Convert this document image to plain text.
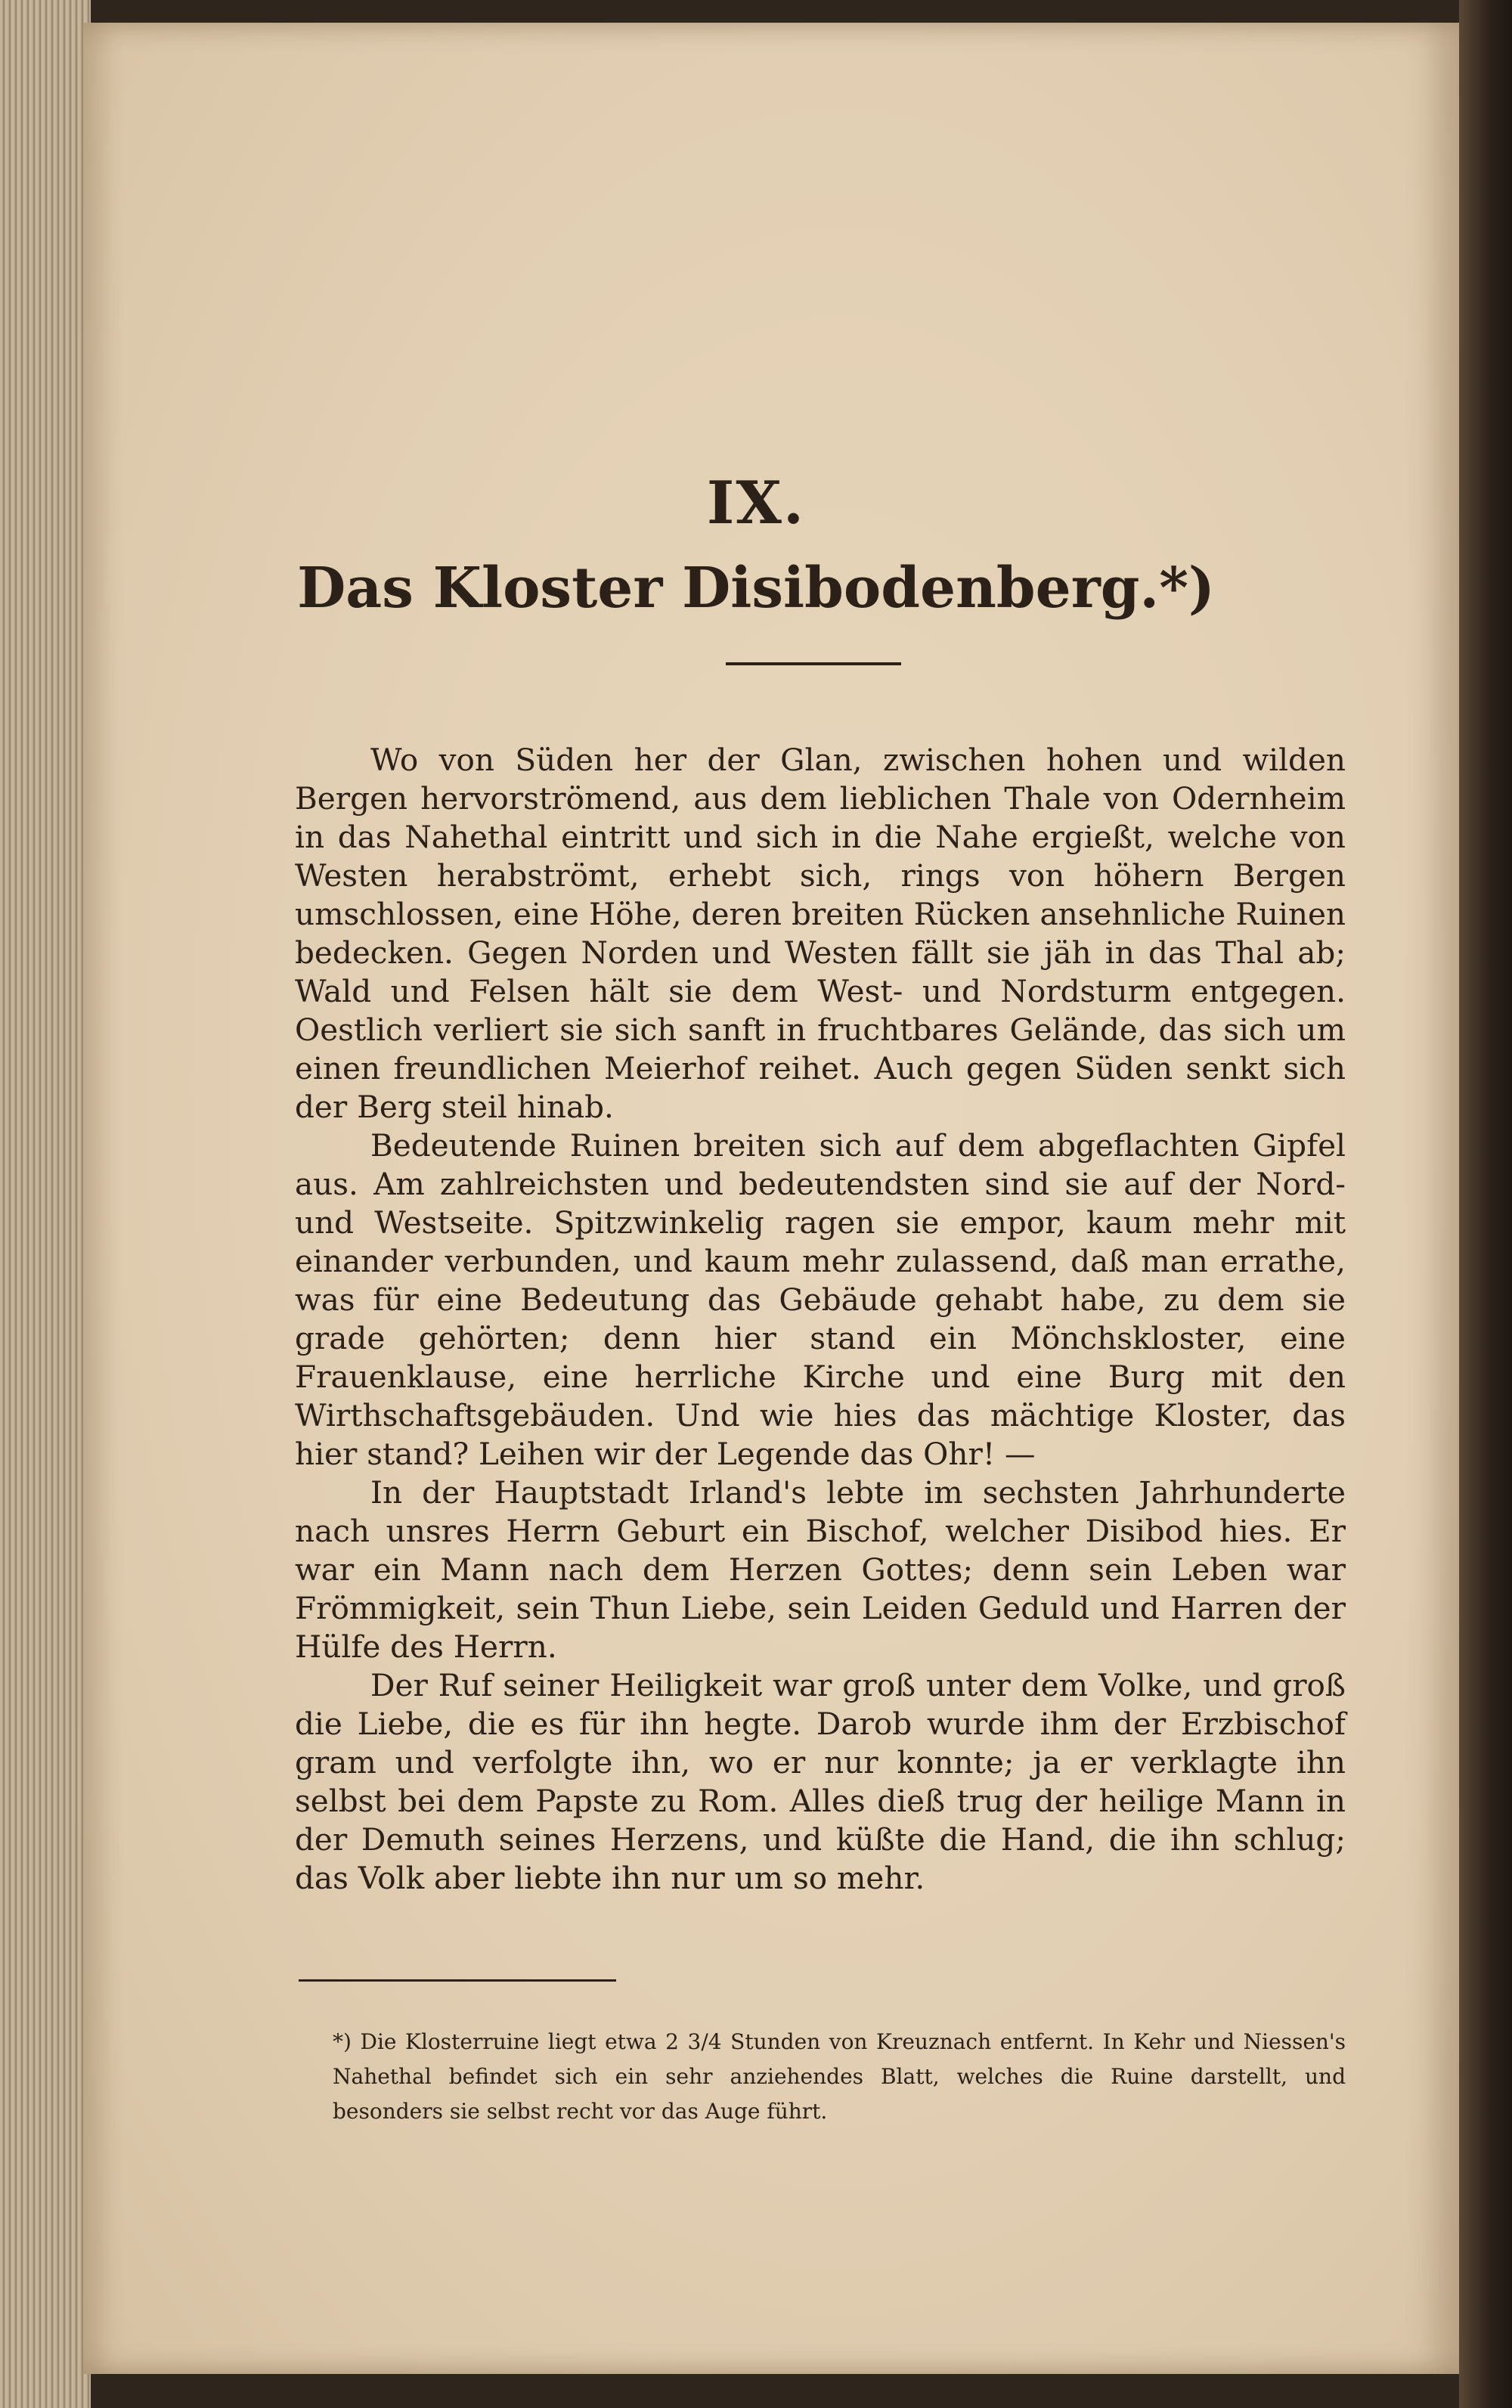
IX.
Das Kloster Disibodenberg.*)

Wo von Süden her der Glan, zwischen hohen und wilden Bergen hervorströmend, aus dem lieblichen Thale von Odernheim in das Nahethal eintritt und sich in die Nahe ergießt, welche von Westen herabströmt, erhebt sich, rings von höhern Bergen umschlossen, eine Höhe, deren breiten Rücken ansehnliche Ruinen bedecken. Gegen Norden und Westen fällt sie jäh in das Thal ab; Wald und Felsen hält sie dem West- und Nordsturm entgegen. Oestlich verliert sie sich sanft in fruchtbares Gelände, das sich um einen freundlichen Meierhof reihet. Auch gegen Süden senkt sich der Berg steil hinab.

Bedeutende Ruinen breiten sich auf dem abgeflachten Gipfel aus. Am zahlreichsten und bedeutendsten sind sie auf der Nord- und Westseite. Spitzwinkelig ragen sie empor, kaum mehr mit einander verbunden, und kaum mehr zulassend, daß man errathe, was für eine Bedeutung das Gebäude gehabt habe, zu dem sie grade gehörten; denn hier stand ein Mönchskloster, eine Frauenklause, eine herrliche Kirche und eine Burg mit den Wirthschaftsgebäuden. Und wie hies das mächtige Kloster, das hier stand? Leihen wir der Legende das Ohr! —

In der Hauptstadt Irland's lebte im sechsten Jahrhunderte nach unsres Herrn Geburt ein Bischof, welcher Disibod hies. Er war ein Mann nach dem Herzen Gottes; denn sein Leben war Frömmigkeit, sein Thun Liebe, sein Leiden Geduld und Harren der Hülfe des Herrn.

Der Ruf seiner Heiligkeit war groß unter dem Volke, und groß die Liebe, die es für ihn hegte. Darob wurde ihm der Erzbischof gram und verfolgte ihn, wo er nur konnte; ja er verklagte ihn selbst bei dem Papste zu Rom. Alles dieß trug der heilige Mann in der Demuth seines Herzens, und küßte die Hand, die ihn schlug; das Volk aber liebte ihn nur um so mehr.

*) Die Klosterruine liegt etwa 2 3/4 Stunden von Kreuznach entfernt. In Kehr und Niessen's Nahethal befindet sich ein sehr anziehendes Blatt, welches die Ruine darstellt, und besonders sie selbst recht vor das Auge führt.
